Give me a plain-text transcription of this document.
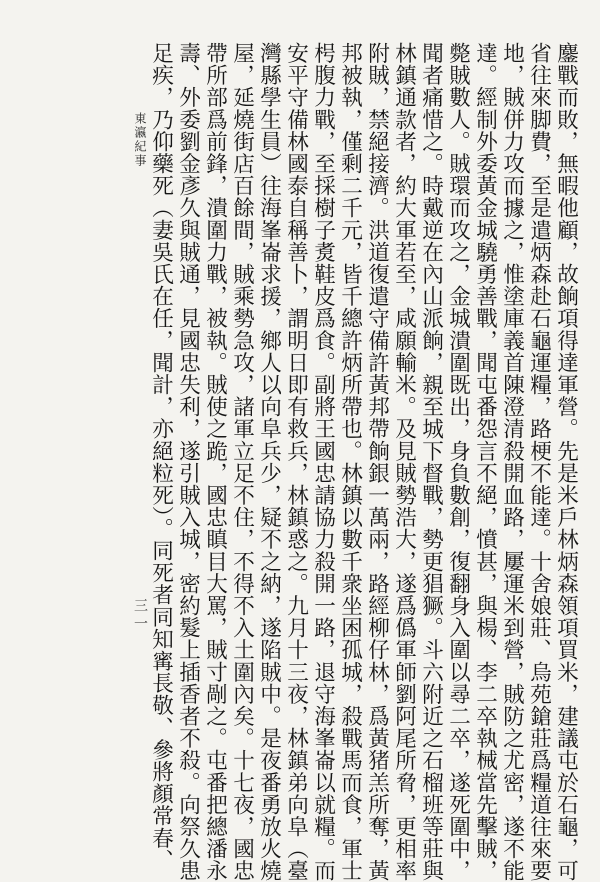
鏖戰而敗，無暇他顧，故餉項得達軍營。先是米戶林炳森領項買米，建議屯於石龜，可
省往來脚費，至是遣炳森赴石龜運糧，路梗不能達。十舍娘莊、烏苑鎗莊爲糧道往來要
地，賊併力攻而據之，惟塗庫義首陳澄清殺開血路，屢運米到營，賊防之尤密，遂不能
達。經制外委黃金城驍勇善戰，聞屯番怨言不絕，憤甚，與楊、李二卒執械當先擊賊，
斃賊數人。賊環而攻之，金城潰圍既出，身負數創，復翻身入圍以尋二卒，遂死圍中，
聞者痛惜之。時戴逆在內山派餉，親至城下督戰，勢更猖獗。斗六附近之石榴班等莊與
林鎮通款者，約大軍若至，咸願輸米。及見賊勢浩大，遂爲僞軍師劉阿尾所脅，更相率
附賊，禁絕接濟。洪道復遣守備許黃邦帶餉銀一萬兩，路經柳仔林，爲黃猪羔所奪，黃
邦被執，僅剩二千元，皆千總許炳所帶也。林鎮以數千衆坐困孤城，殺戰馬而食，軍士
枵腹力戰，至採樹子煑鞋皮爲食。副將王國忠請協力殺開一路，退守海峯崙以就糧。而
安平守備林國泰自稱善卜，謂明日即有救兵，林鎮惑之。九月十三夜，林鎮弟向阜（臺
灣縣學生員）往海峯崙求援，鄉人以向阜兵少，疑不之納，遂陷賊中。是夜番勇放火燒
屋，延燒街店百餘間，賊乘勢急攻，諸軍立足不住，不得不入土圍內矣。十七夜，國忠
帶所部爲前鋒，潰圍力戰，被執。賊使之跪，國忠瞋目大罵，賊寸剮之。屯番把總潘永
壽、外委劉金彥久與賊通，見國忠失利，遂引賊入城，密約髮上插香者不殺。向祭久患
足疾，乃仰藥死（妻吳氏在任，聞計，亦絕粒死）。同死者同知寗長敬、參將顏常春、
東瀛紀事
三一
